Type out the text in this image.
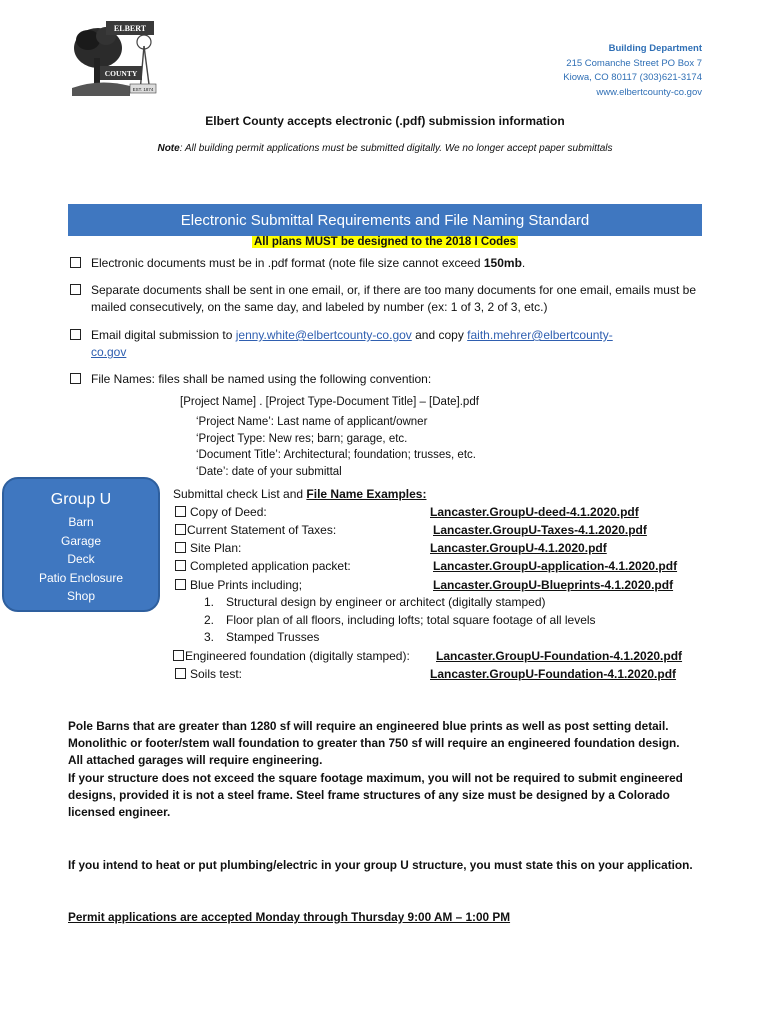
ELBERT
COUNTY
EST. 1874
Building Department
215 Comanche Street PO Box 7
Kiowa, CO 80117 (303)621-3174
www.elbertcounty-co.gov
Elbert County accepts electronic (.pdf) submission information
Note: All building permit applications must be submitted digitally. We no longer accept paper submittals
Electronic Submittal Requirements and File Naming Standard
All plans MUST be designed to the 2018 I Codes
Electronic documents must be in .pdf format (note file size cannot exceed 150mb.
Separate documents shall be sent in one email, or, if there are too many documents for one email, emails must be mailed consecutively, on the same day, and labeled by number (ex: 1 of 3, 2 of 3, etc.)
Email digital submission to jenny.white@elbertcounty-co.gov and copy faith.mehrer@elbertcounty-
co.gov
File Names: files shall be named using the following convention:
[Project Name] . [Project Type-Document Title] – [Date].pdf
‘Project Name’: Last name of applicant/owner
‘Project Type: New res; barn; garage, etc.
‘Document Title’: Architectural; foundation; trusses, etc.
‘Date’: date of your submittal
Group U
Barn
Garage
Deck
Patio Enclosure
Shop
Submittal check List and File Name Examples:
Copy of Deed:	Lancaster.GroupU-deed-4.1.2020.pdf
Current Statement of Taxes:	Lancaster.GroupU-Taxes-4.1.2020.pdf
Site Plan:	Lancaster.GroupU-4.1.2020.pdf
Completed application packet:	Lancaster.GroupU-application-4.1.2020.pdf
Blue Prints including;	Lancaster.GroupU-Blueprints-4.1.2020.pdf
1. Structural design by engineer or architect (digitally stamped)
2. Floor plan of all floors, including lofts; total square footage of all levels
3. Stamped Trusses
Engineered foundation (digitally stamped): Lancaster.GroupU-Foundation-4.1.2020.pdf
Soils test:	Lancaster.GroupU-Foundation-4.1.2020.pdf
Pole Barns that are greater than 1280 sf will require an engineered blue prints as well as post setting detail. Monolithic or footer/stem wall foundation to greater than 750 sf will require an engineered foundation design.
All attached garages will require engineering.
If your structure does not exceed the square footage maximum, you will not be required to submit engineered designs, provided it is not a steel frame. Steel frame structures of any size must be designed by a Colorado licensed engineer.
If you intend to heat or put plumbing/electric in your group U structure, you must state this on your application.
Permit applications are accepted Monday through Thursday 9:00 AM – 1:00 PM
